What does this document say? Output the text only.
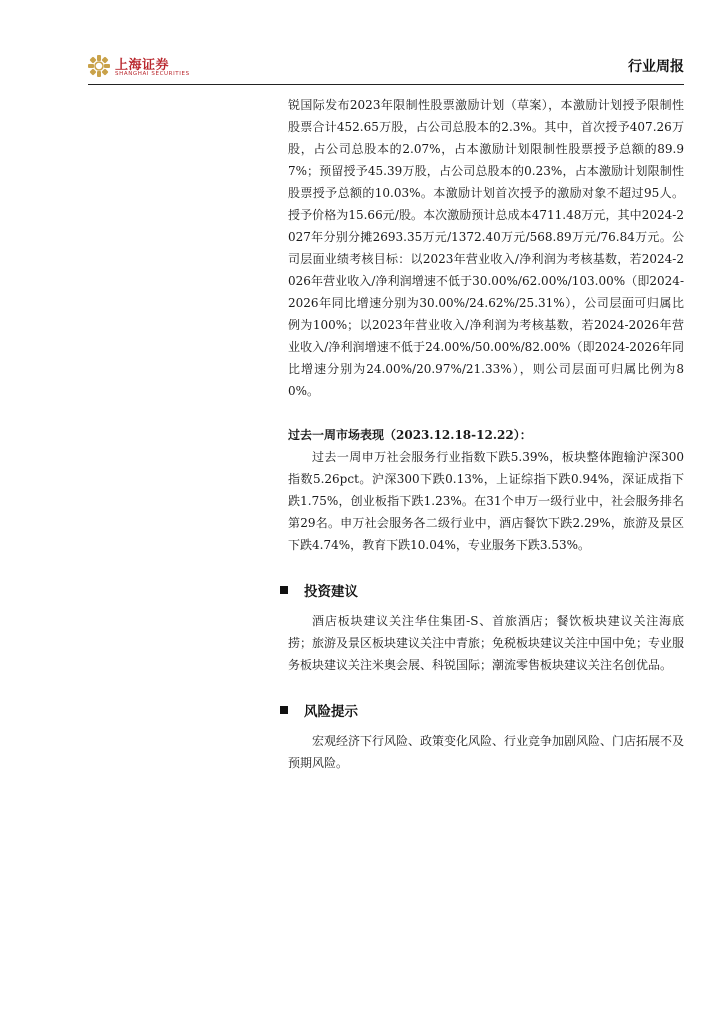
上海证券
SHANGHAI SECURITIES	行业周报

锐国际发布2023年限制性股票激励计划（草案），本激励计划授予限制性股票合计452.65万股，占公司总股本的2.3%。其中，首次授予407.26万股，占公司总股本的2.07%，占本激励计划限制性股票授予总额的89.97%；预留授予45.39万股，占公司总股本的0.23%，占本激励计划限制性股票授予总额的10.03%。本激励计划首次授予的激励对象不超过95人。授予价格为15.66元/股。本次激励预计总成本4711.48万元，其中2024-2027年分别分摊2693.35万元/1372.40万元/568.89万元/76.84万元。公司层面业绩考核目标：以2023年营业收入/净利润为考核基数，若2024-2026年营业收入/净利润增速不低于30.00%/62.00%/103.00%（即2024-2026年同比增速分别为30.00%/24.62%/25.31%），公司层面可归属比例为100%；以2023年营业收入/净利润为考核基数，若2024-2026年营业收入/净利润增速不低于24.00%/50.00%/82.00%（即2024-2026年同比增速分别为24.00%/20.97%/21.33%），则公司层面可归属比例为80%。

过去一周市场表现（2023.12.18-12.22）：

过去一周申万社会服务行业指数下跌5.39%，板块整体跑输沪深300指数5.26pct。沪深300下跌0.13%，上证综指下跌0.94%，深证成指下跌1.75%，创业板指下跌1.23%。在31个申万一级行业中，社会服务排名第29名。申万社会服务各二级行业中，酒店餐饮下跌2.29%，旅游及景区下跌4.74%，教育下跌10.04%，专业服务下跌3.53%。

投资建议

酒店板块建议关注华住集团-S、首旅酒店；餐饮板块建议关注海底捞；旅游及景区板块建议关注中青旅；免税板块建议关注中国中免；专业服务板块建议关注米奥会展、科锐国际；潮流零售板块建议关注名创优品。

风险提示

宏观经济下行风险、政策变化风险、行业竞争加剧风险、门店拓展不及预期风险。
